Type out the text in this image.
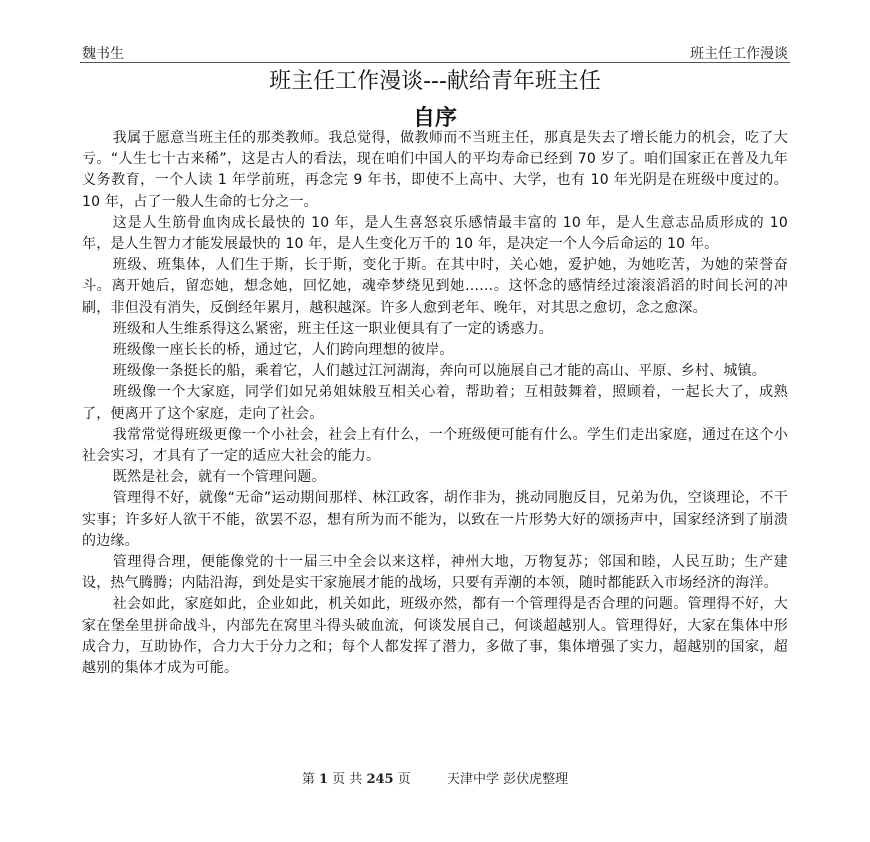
魏书生	班主任工作漫谈
班主任工作漫谈---献给青年班主任
自序

我属于愿意当班主任的那类教师。我总觉得，做教师而不当班主任，那真是失去了增长能力的机会，吃了大亏。“人生七十古来稀”，这是古人的看法，现在咱们中国人的平均寿命已经到 70 岁了。咱们国家正在普及九年义务教育，一个人读 1 年学前班，再念完 9 年书，即使不上高中、大学，也有 10 年光阴是在班级中度过的。10 年，占了一般人生命的七分之一。

这是人生筋骨血肉成长最快的 10 年，是人生喜怒哀乐感情最丰富的 10 年，是人生意志品质形成的 10 年，是人生智力才能发展最快的 10 年，是人生变化万千的 10 年，是决定一个人今后命运的 10 年。

班级、班集体，人们生于斯，长于斯，变化于斯。在其中时，关心她，爱护她，为她吃苦，为她的荣誉奋斗。离开她后，留恋她，想念她，回忆她，魂牵梦绕见到她……。这怀念的感情经过滚滚滔滔的时间长河的冲刷，非但没有消失，反倒经年累月，越积越深。许多人愈到老年、晚年，对其思之愈切，念之愈深。

班级和人生维系得这么紧密，班主任这一职业便具有了一定的诱惑力。

班级像一座长长的桥，通过它，人们跨向理想的彼岸。

班级像一条挺长的船，乘着它，人们越过江河湖海，奔向可以施展自己才能的高山、平原、乡村、城镇。

班级像一个大家庭，同学们如兄弟姐妹般互相关心着，帮助着；互相鼓舞着，照顾着，一起长大了，成熟了，便离开了这个家庭，走向了社会。

我常常觉得班级更像一个小社会，社会上有什么，一个班级便可能有什么。学生们走出家庭，通过在这个小社会实习，才具有了一定的适应大社会的能力。

既然是社会，就有一个管理问题。

管理得不好，就像“无命”运动期间那样、林江政客，胡作非为，挑动同胞反目，兄弟为仇，空谈理论，不干实事；许多好人欲干不能，欲罢不忍，想有所为而不能为，以致在一片形势大好的颂扬声中，国家经济到了崩溃的边缘。

管理得合理，便能像党的十一届三中全会以来这样，神州大地，万物复苏；邻国和睦，人民互助；生产建设，热气腾腾；内陆沿海，到处是实干家施展才能的战场，只要有弄潮的本领，随时都能跃入市场经济的海洋。

社会如此，家庭如此，企业如此，机关如此，班级亦然，都有一个管理得是否合理的问题。管理得不好，大家在堡垒里拼命战斗，内部先在窝里斗得头破血流，何谈发展自己，何谈超越别人。管理得好，大家在集体中形成合力，互助协作，合力大于分力之和；每个人都发挥了潜力，多做了事，集体增强了实力，超越别的国家，超越别的集体才成为可能。

第 1 页 共 245 页	天津中学 彭伏虎整理
